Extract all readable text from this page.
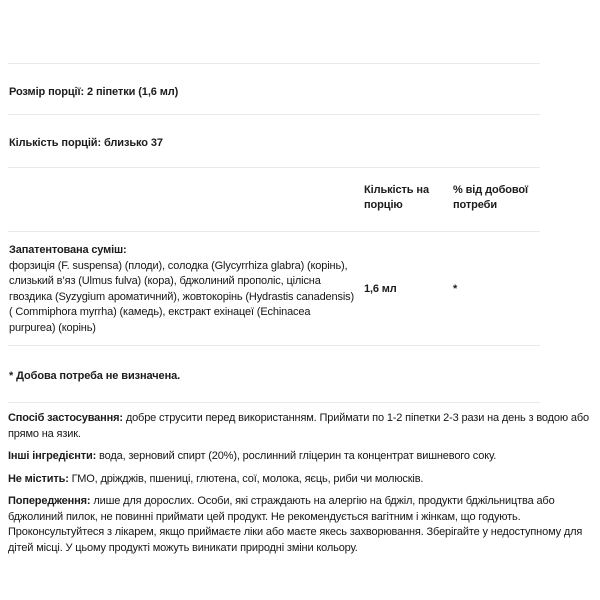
Розмір порції: 2 піпетки (1,6 мл)
Кількість порцій: близько 37
Кількість на порцію
% від добової потреби
Запатентована суміш:
форзиція (F. suspensa) (плоди), солодка (Glycyrrhiza glabra) (корінь), слизький в’яз (Ulmus fulva) (кора), бджолиний прополіс, цілісна гвоздика (Syzygium ароматичний), жовтокорінь (Hydrastis canadensis) ( Commiphora myrrha) (камедь), екстракт ехінацеї (Echinacea purpurea) (корінь)
1,6 мл	*
* Добова потреба не визначена.
Спосіб застосування: добре струсити перед використанням. Приймати по 1-2 піпетки 2-3 рази на день з водою або прямо на язик.
Інші інгредієнти: вода, зерновий спирт (20%), рослинний гліцерин та концентрат вишневого соку.
Не містить: ГМО, дріжджів, пшениці, глютена, сої, молока, яєць, риби чи молюсків.
Попередження: лише для дорослих. Особи, які страждають на алергію на бджіл, продукти бджільництва або бджолиний пилок, не повинні приймати цей продукт. Не рекомендується вагітним і жінкам, що годують. Проконсультуйтеся з лікарем, якщо приймаєте ліки або маєте якесь захворювання. Зберігайте у недоступному для дітей місці. У цьому продукті можуть виникати природні зміни кольору.
